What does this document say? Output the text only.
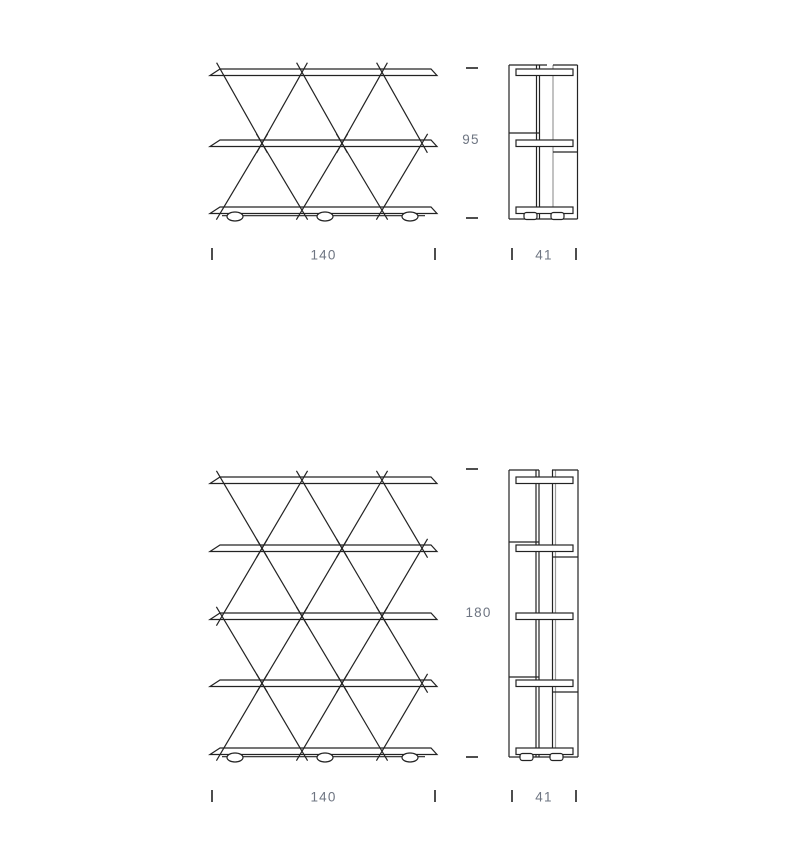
95
140	41
180
140	41
